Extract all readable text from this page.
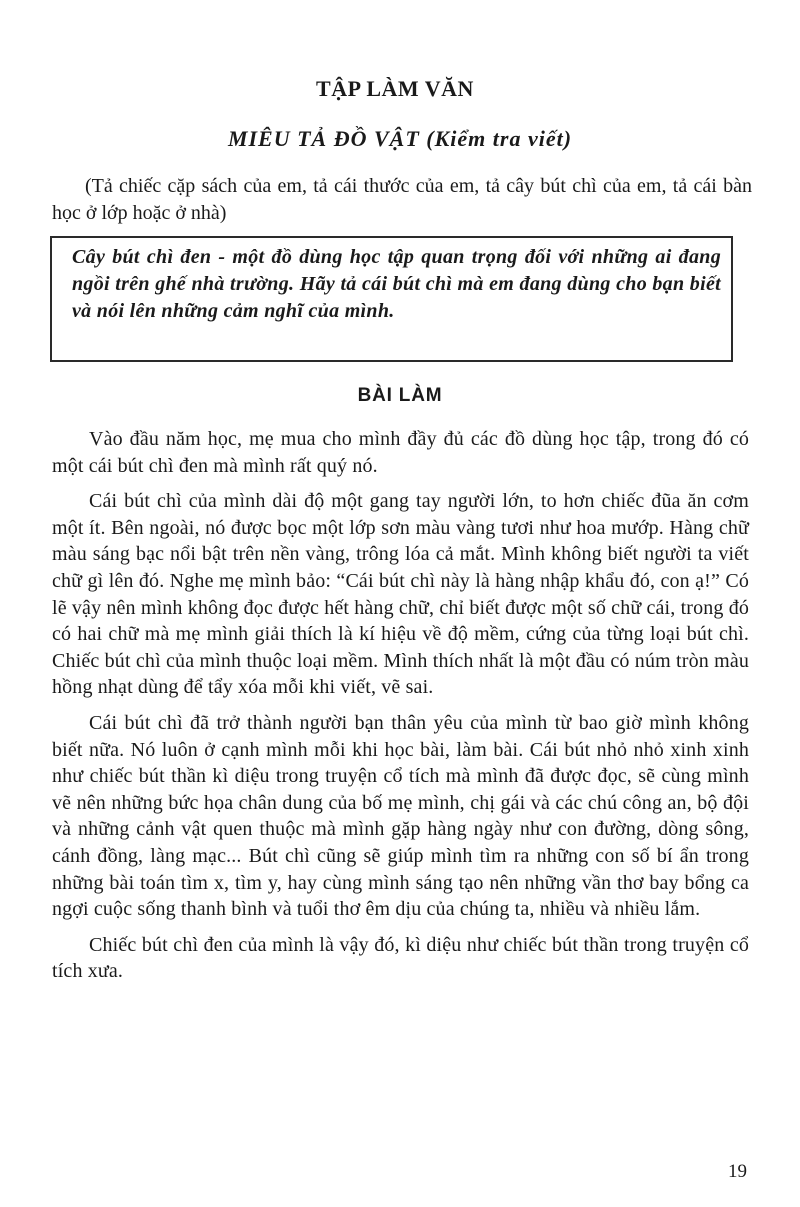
TẬP LÀM VĂN
MIÊU TẢ ĐỒ VẬT (Kiểm tra viết)
(Tả chiếc cặp sách của em, tả cái thước của em, tả cây bút chì của em, tả cái bàn học ở lớp hoặc ở nhà)
Cây bút chì đen - một đồ dùng học tập quan trọng đối với những ai đang ngồi trên ghế nhà trường. Hãy tả cái bút chì mà em đang dùng cho bạn biết và nói lên những cảm nghĩ của mình.
BÀI LÀM

Vào đầu năm học, mẹ mua cho mình đầy đủ các đồ dùng học tập, trong đó có một cái bút chì đen mà mình rất quý nó.

Cái bút chì của mình dài độ một gang tay người lớn, to hơn chiếc đũa ăn cơm một ít. Bên ngoài, nó được bọc một lớp sơn màu vàng tươi như hoa mướp. Hàng chữ màu sáng bạc nổi bật trên nền vàng, trông lóa cả mắt. Mình không biết người ta viết chữ gì lên đó. Nghe mẹ mình bảo: “Cái bút chì này là hàng nhập khẩu đó, con ạ!” Có lẽ vậy nên mình không đọc được hết hàng chữ, chỉ biết được một số chữ cái, trong đó có hai chữ mà mẹ mình giải thích là kí hiệu về độ mềm, cứng của từng loại bút chì. Chiếc bút chì của mình thuộc loại mềm. Mình thích nhất là một đầu có núm tròn màu hồng nhạt dùng để tẩy xóa mỗi khi viết, vẽ sai.

Cái bút chì đã trở thành người bạn thân yêu của mình từ bao giờ mình không biết nữa. Nó luôn ở cạnh mình mỗi khi học bài, làm bài. Cái bút nhỏ nhỏ xinh xinh như chiếc bút thần kì diệu trong truyện cổ tích mà mình đã được đọc, sẽ cùng mình vẽ nên những bức họa chân dung của bố mẹ mình, chị gái và các chú công an, bộ đội và những cảnh vật quen thuộc mà mình gặp hàng ngày như con đường, dòng sông, cánh đồng, làng mạc... Bút chì cũng sẽ giúp mình tìm ra những con số bí ẩn trong những bài toán tìm x, tìm y, hay cùng mình sáng tạo nên những vần thơ bay bổng ca ngợi cuộc sống thanh bình và tuổi thơ êm dịu của chúng ta, nhiều và nhiều lắm.

Chiếc bút chì đen của mình là vậy đó, kì diệu như chiếc bút thần trong truyện cổ tích xưa.

19
